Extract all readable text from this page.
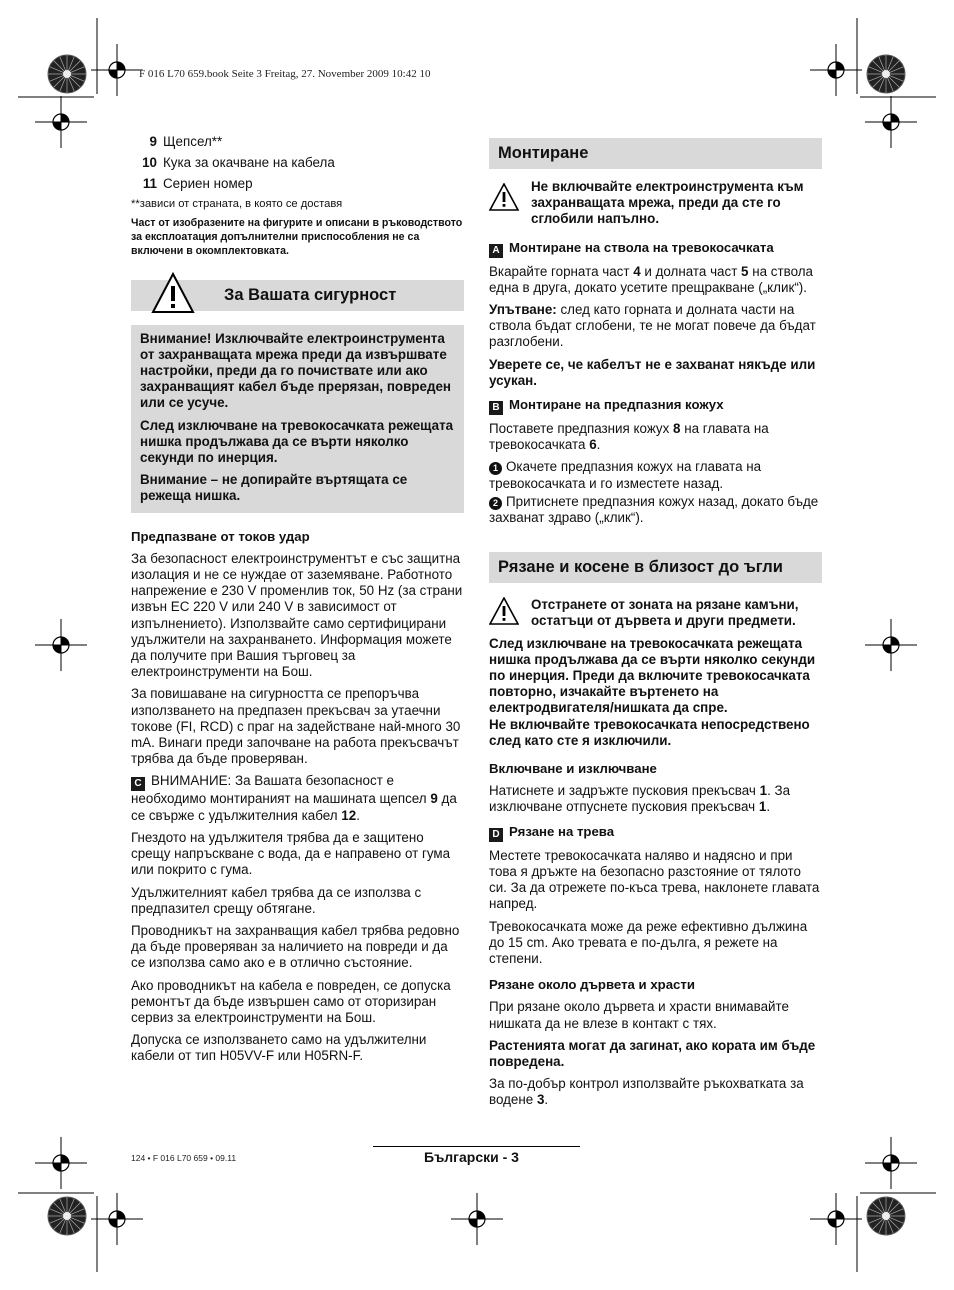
F 016 L70 659.book Seite 3 Freitag, 27. November 2009 10:42 10
9 Щепсел**
10 Кука за окачване на кабела
11 Сериен номер

**зависи от страната, в която се доставя

Част от изобразените на фигурите и описани в ръководството за експлоатация допълнителни приспособления не са включени в окомплектовката.

За Вашата сигурност

Внимание! Изключвайте електроинструмента от захранващата мрежа преди да извършвате настройки, преди да го почиствате или ако захранващият кабел бъде прерязан, повреден или се усуче.

След изключване на тревокосачката режещата нишка продължава да се върти няколко секунди по инерция.

Внимание – не допирайте въртящата се режеща нишка.

Предпазване от токов удар

За безопасност електроинструментът е със защитна изолация и не се нуждае от заземяване. Работното напрежение е 230 V променлив ток, 50 Hz (за страни извън ЕС 220 V или 240 V в зависимост от изпълнението). Използвайте само сертифицирани удължители на захранването. Информация можете да получите при Вашия търговец за електроинструменти на Бош.

За повишаване на сигурността се препоръчва използването на предпазен прекъсвач за утаечни токове (FI, RCD) с праг на задействане най-много 30 mA. Винаги преди започване на работа прекъсвачът трябва да бъде проверяван.

C ВНИМАНИЕ: За Вашата безопасност е необходимо монтираният на машината щепсел 9 да се свърже с удължителния кабел 12.

Гнездото на удължителя трябва да е защитено срещу напръскване с вода, да е направено от гума или покрито с гума.

Удължителният кабел трябва да се използва с предпазител срещу обтягане.

Проводникът на захранващия кабел трябва редовно да бъде проверяван за наличието на повреди и да се използва само ако е в отлично състояние.

Ако проводникът на кабела е повреден, се допуска ремонтът да бъде извършен само от оторизиран сервиз за електроинструменти на Бош.

Допуска се използването само на удължителни кабели от тип H05VV-F или H05RN-F.

Монтиране
Не включвайте електроинструмента към захранващата мрежа, преди да сте го сглобили напълно.

A Монтиране на ствола на тревокосачката

Вкарайте горната част 4 и долната част 5 на ствола една в друга, докато усетите прещракване („клик“).

Упътване: след като горната и долната части на ствола бъдат сглобени, те не могат повече да бъдат разглобени.

Уверете се, че кабелът не е захванат някъде или усукан.

B Монтиране на предпазния кожух

Поставете предпазния кожух 8 на главата на тревокосачката 6.

1 Окачете предпазния кожух на главата на тревокосачката и го изместете назад.

2 Притиснете предпазния кожух назад, докато бъде захванат здраво („клик“).

Рязане и косене в близост до ъгли
Отстранете от зоната на рязане камъни, остатъци от дървета и други предмети.

След изключване на тревокосачката режещата нишка продължава да се върти няколко секунди по инерция. Преди да включите тревокосачката повторно, изчакайте въртенето на електродвигателя/нишката да спре.

Не включвайте тревокосачката непосредствено след като сте я изключили.

Включване и изключване

Натиснете и задръжте пусковия прекъсвач 1. За изключване отпуснете пусковия прекъсвач 1.

D Рязане на трева

Местете тревокосачката наляво и надясно и при това я дръжте на безопасно разстояние от тялото си. За да отрежете по-къса трева, наклонете главата напред.

Тревокосачката може да реже ефективно дължина до 15 cm. Ако тревата е по-дълга, я режете на степени.

Рязане около дървета и храсти

При рязане около дървета и храсти внимавайте нишката да не влезе в контакт с тях.

Растенията могат да загинат, ако кората им бъде повредена.

За по-добър контрол използвайте ръкохватката за водене 3.

124 • F 016 L70 659 • 09.11	Български - 3
